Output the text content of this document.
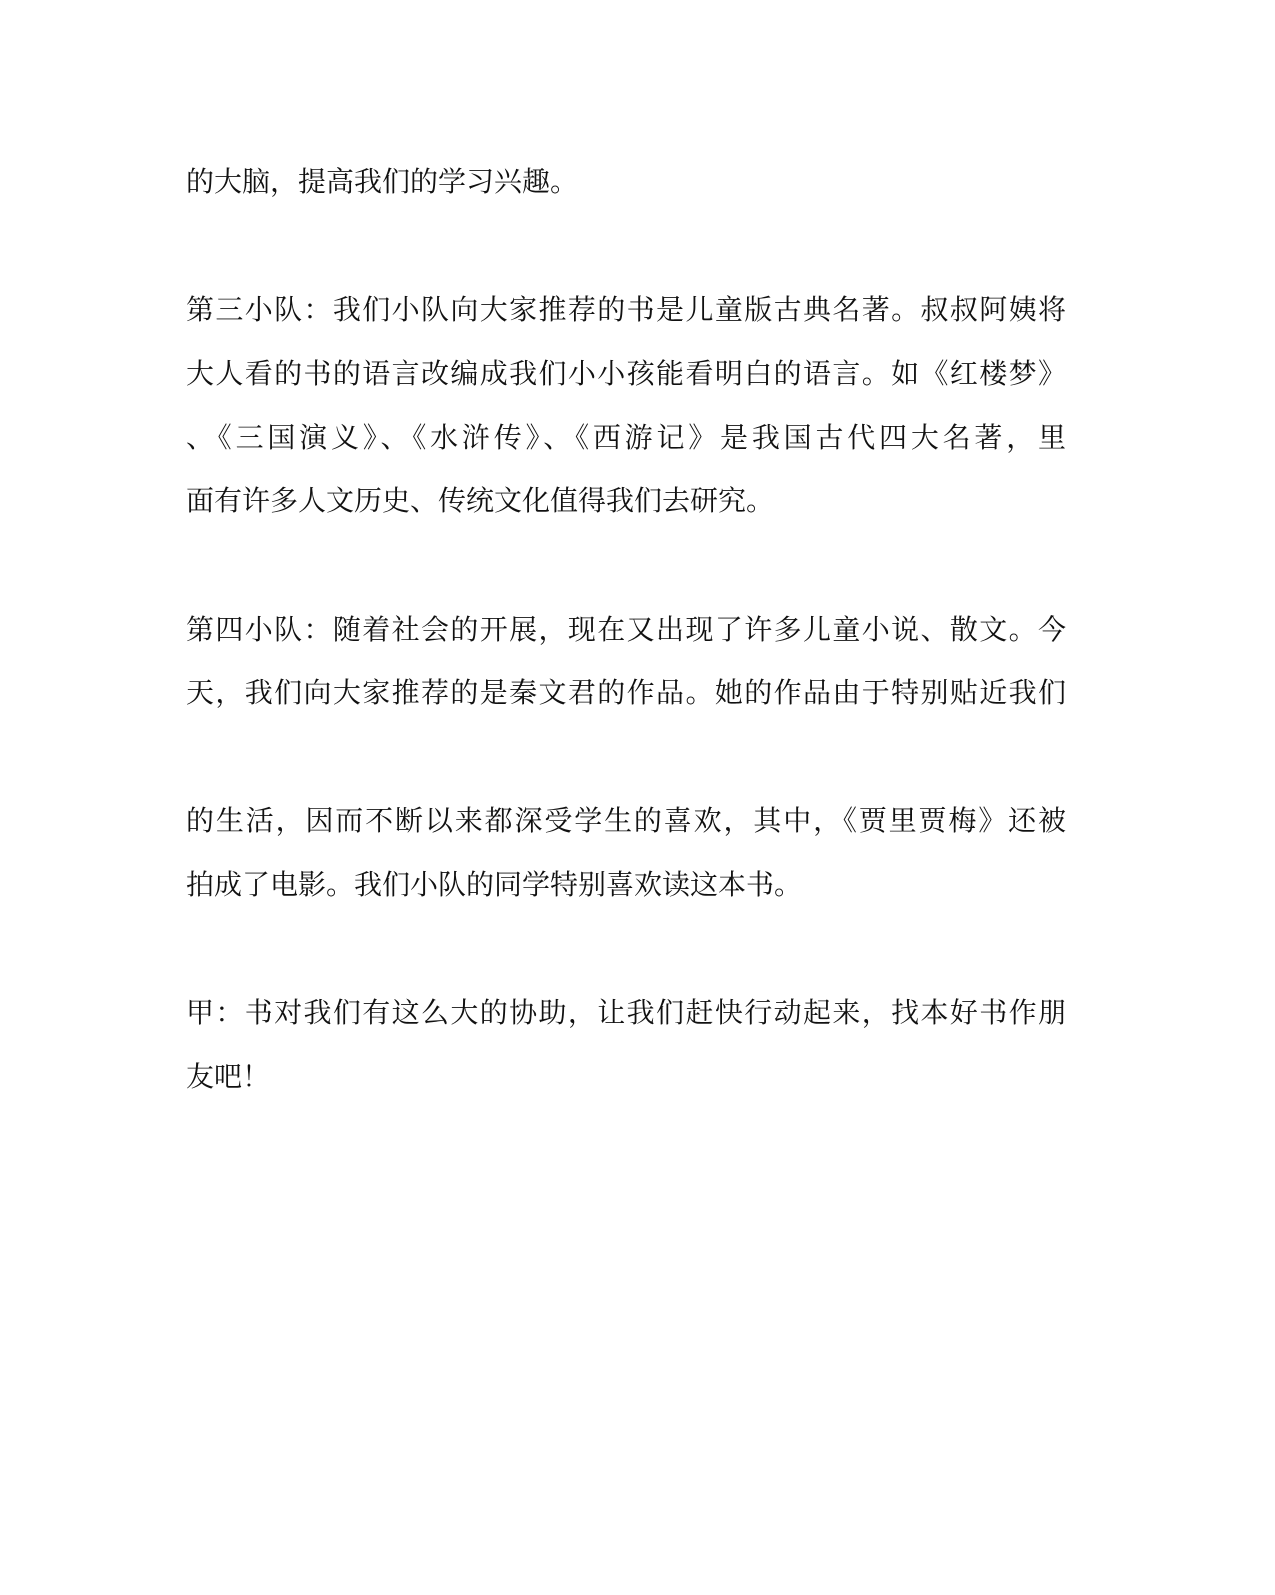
的大脑，提高我们的学习兴趣。
第三小队：我们小队向大家推荐的书是儿童版古典名著。叔叔阿姨将
大人看的书的语言改编成我们小小孩能看明白的语言。如《红楼梦》
、《三国演义》、《水浒传》、《西游记》是我国古代四大名著，里
面有许多人文历史、传统文化值得我们去研究。
第四小队：随着社会的开展，现在又出现了许多儿童小说、散文。今
天，我们向大家推荐的是秦文君的作品。她的作品由于特别贴近我们
的生活，因而不断以来都深受学生的喜欢，其中，《贾里贾梅》还被
拍成了电影。我们小队的同学特别喜欢读这本书。
甲：书对我们有这么大的协助，让我们赶快行动起来，找本好书作朋
友吧！
